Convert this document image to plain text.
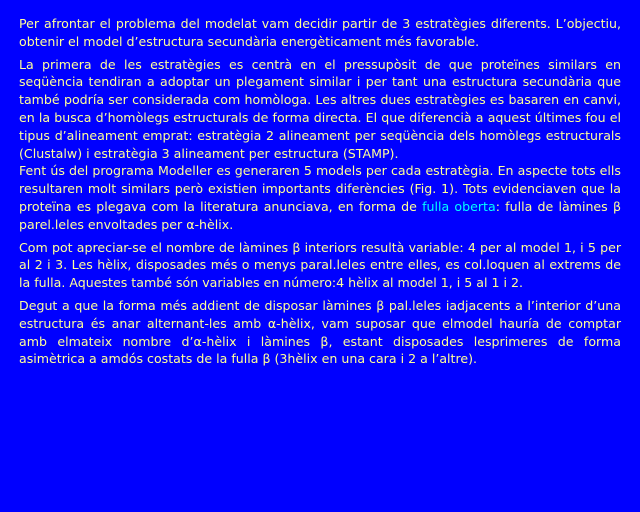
Per afrontar el problema del modelat vam decidir partir de 3 estratègies diferents. L’objectiu, obtenir el model d’estructura secundària energèticament més favorable.

La primera de les estratègies es centrà en el pressupòsit de que proteïnes similars en seqüència tendiran a adoptar un plegament similar i per tant una estructura secundària que també podría ser considerada com homòloga. Les altres dues estratègies es basaren en canvi, en la busca d’homòlegs estructurals de forma directa. El que diferencià a aquest últimes fou el tipus d’alineament emprat: estratègia 2 alineament per seqüència dels homòlegs estructurals (Clustalw) i estratègia 3 alineament per estructura (STAMP).

Fent ús del programa Modeller es generaren 5 models per cada estratègia. En aspecte tots ells resultaren molt similars però existien importants diferències (Fig. 1). Tots evidenciaven que la proteïna es plegava com la literatura anunciava, en forma de fulla oberta: fulla de làmines β parel.leles envoltades per α-hèlix.

Com pot apreciar-se el nombre de làmines β interiors resultà variable: 4 per al model 1, i 5 per al 2 i 3. Les hèlix, disposades més o menys paral.leles entre elles, es col.loquen al extrems de la fulla. Aquestes també són variables en número:4 hèlix al model 1, i 5 al 1 i 2.

Degut a que la forma més addient de disposar làmines β pal.leles iadjacents a l’interior d’una estructura és anar alternant-les amb α-hèlix, vam suposar que elmodel hauría de comptar amb elmateix nombre d’α-hèlix i làmines β, estant disposades lesprimeres de forma asimètrica a amdós costats de la fulla β (3hèlix en una cara i 2 a l’altre).
